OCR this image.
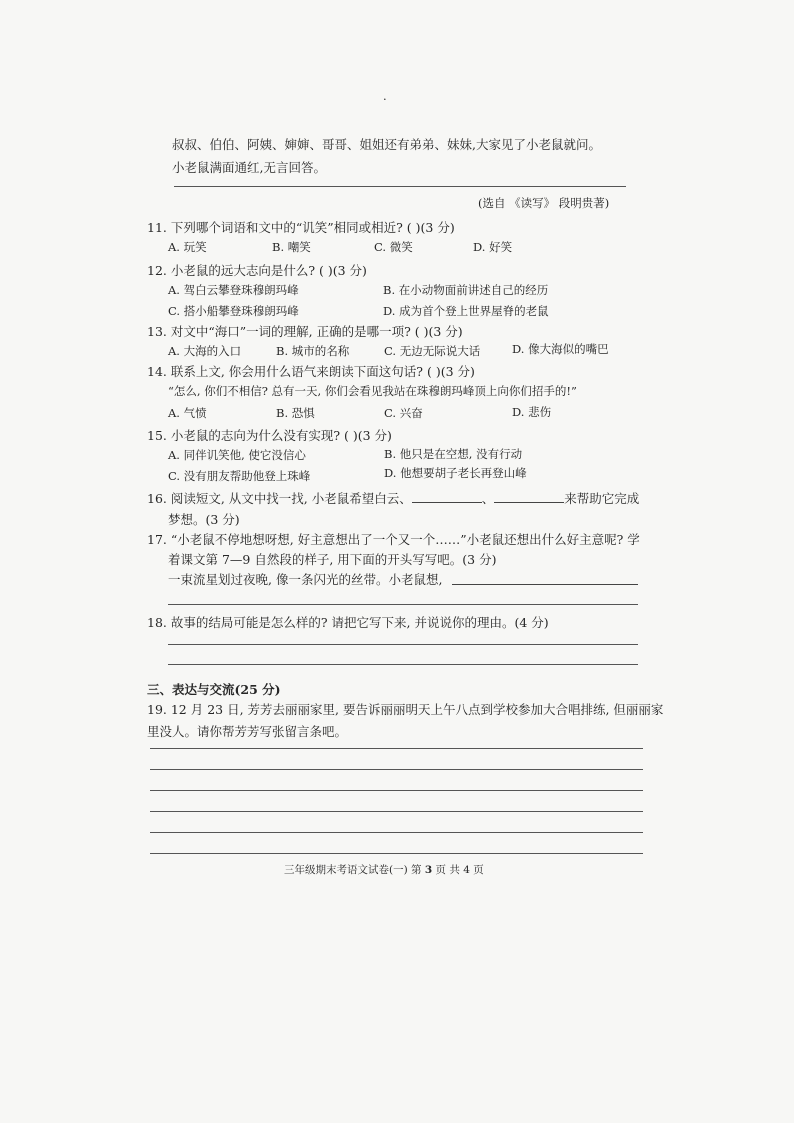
·
叔叔、伯伯、阿姨、婶婶、哥哥、姐姐还有弟弟、妹妹,大家见了小老鼠就问。
小老鼠满面通红,无言回答。
(选自 《读写》 段明贵著)
11. 下列哪个词语和文中的“讥笑”相同或相近? ( )(3 分)
A. 玩笑	B. 嘲笑	C. 微笑	D. 好笑
12. 小老鼠的远大志向是什么? ( )(3 分)
A. 驾白云攀登珠穆朗玛峰	B. 在小动物面前讲述自己的经历
C. 搭小船攀登珠穆朗玛峰	D. 成为首个登上世界屋脊的老鼠
13. 对文中“海口”一词的理解, 正确的是哪一项? ( )(3 分)
A. 大海的入口	B. 城市的名称	C. 无边无际说大话	D. 像大海似的嘴巴
14. 联系上文, 你会用什么语气来朗读下面这句话? ( )(3 分)
“怎么, 你们不相信? 总有一天, 你们会看见我站在珠穆朗玛峰顶上向你们招手的!”
A. 气愤	B. 恐惧	C. 兴奋	D. 悲伤
15. 小老鼠的志向为什么没有实现? ( )(3 分)
A. 同伴讥笑他, 使它没信心	B. 他只是在空想, 没有行动
C. 没有朋友帮助他登上珠峰	D. 他想要胡子老长再登山峰
16. 阅读短文, 从文中找一找, 小老鼠希望白云、	、	来帮助它完成
梦想。(3 分)
17. “小老鼠不停地想呀想, 好主意想出了一个又一个……”小老鼠还想出什么好主意呢? 学
着课文第 7—9 自然段的样子, 用下面的开头写写吧。(3 分)
一束流星划过夜晚, 像一条闪光的丝带。小老鼠想,
18. 故事的结局可能是怎么样的? 请把它写下来, 并说说你的理由。(4 分)
三、表达与交流(25 分)
19. 12 月 23 日, 芳芳去丽丽家里, 要告诉丽丽明天上午八点到学校参加大合唱排练, 但丽丽家
里没人。请你帮芳芳写张留言条吧。
三年级期末考语文试卷(一) 第 3 页 共 4 页
